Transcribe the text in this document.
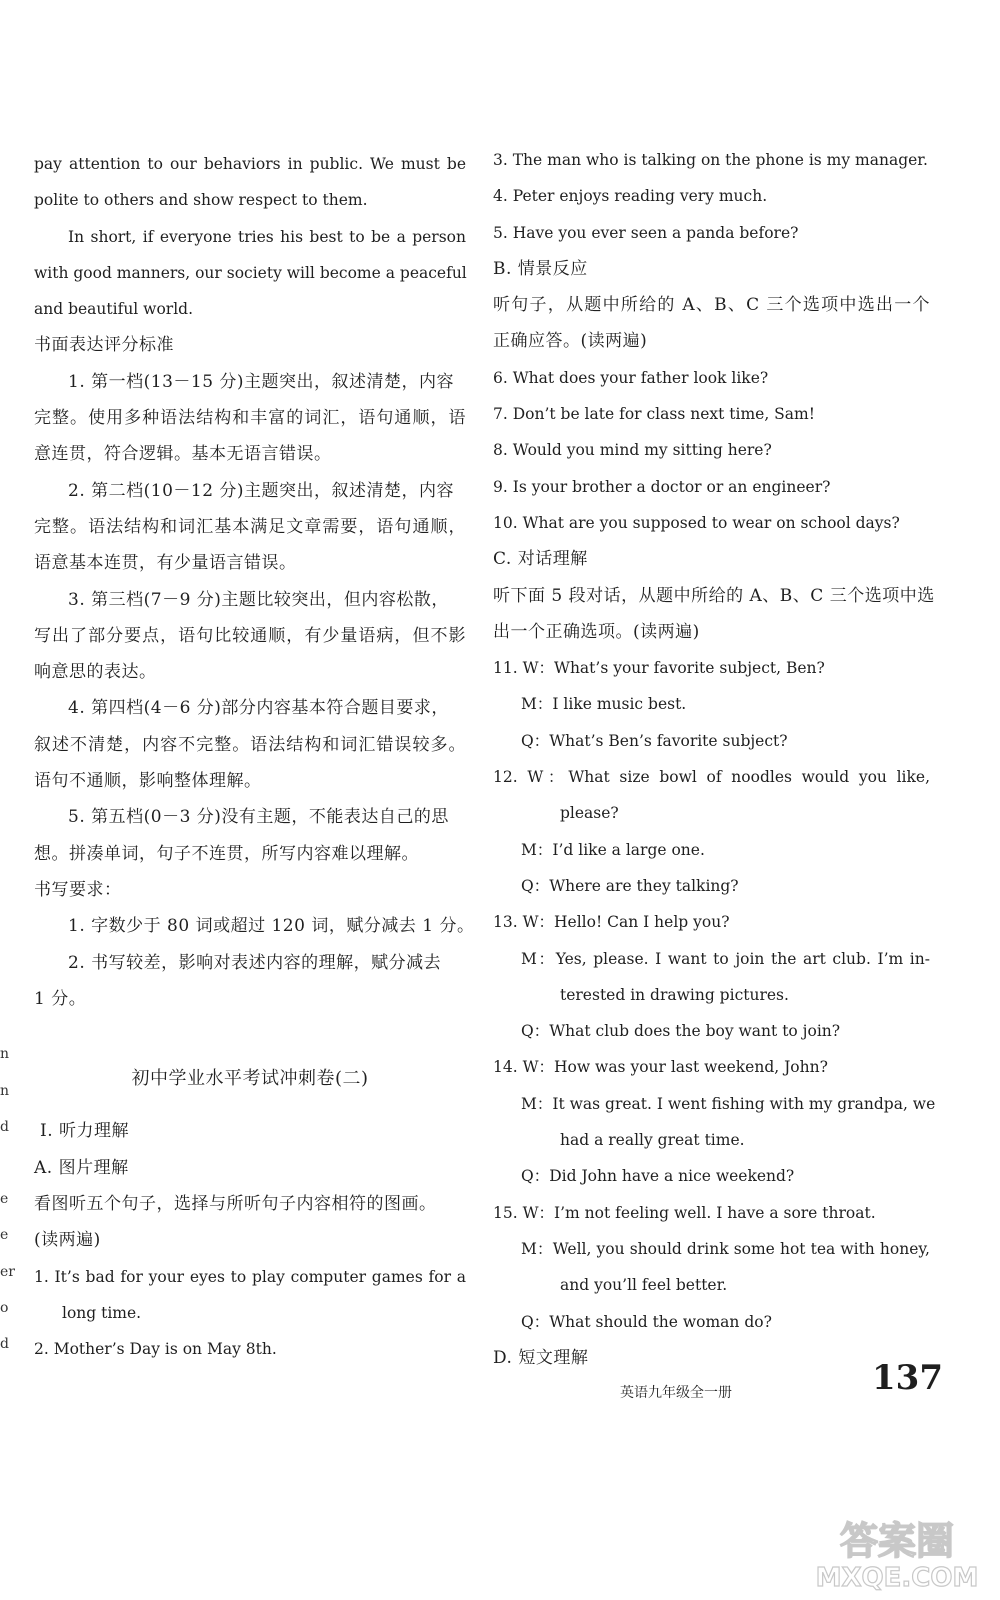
pay attention to our behaviors in public. We must be
polite to others and show respect to them.
In short, if everyone tries his best to be a person
with good manners, our society will become a peaceful
and beautiful world.
书面表达评分标准
1. 第一档(13－15 分)主题突出，叙述清楚，内容
完整。使用多种语法结构和丰富的词汇，语句通顺，语
意连贯，符合逻辑。基本无语言错误。
2. 第二档(10－12 分)主题突出，叙述清楚，内容
完整。语法结构和词汇基本满足文章需要，语句通顺，
语意基本连贯，有少量语言错误。
3. 第三档(7－9 分)主题比较突出，但内容松散，
写出了部分要点，语句比较通顺，有少量语病，但不影
响意思的表达。
4. 第四档(4－6 分)部分内容基本符合题目要求，
叙述不清楚，内容不完整。语法结构和词汇错误较多。
语句不通顺，影响整体理解。
5. 第五档(0－3 分)没有主题，不能表达自己的思
想。拼凑单词，句子不连贯，所写内容难以理解。
书写要求：
1. 字数少于 80 词或超过 120 词，赋分减去 1 分。
2. 书写较差，影响对表述内容的理解，赋分减去
1 分。
初中学业水平考试冲刺卷(二)
Ⅰ. 听力理解
A. 图片理解
看图听五个句子，选择与所听句子内容相符的图画。
(读两遍)
1. It’s bad for your eyes to play computer games for a
long time.
2. Mother’s Day is on May 8th.
3. The man who is talking on the phone is my manager.
4. Peter enjoys reading very much.
5. Have you ever seen a panda before?
B. 情景反应
听句子，从题中所给的 A、B、C 三个选项中选出一个
正确应答。(读两遍)
6. What does your father look like?
7. Don’t be late for class next time, Sam!
8. Would you mind my sitting here?
9. Is your brother a doctor or an engineer?
10. What are you supposed to wear on school days?
C. 对话理解
听下面 5 段对话，从题中所给的 A、B、C 三个选项中选
出一个正确选项。(读两遍)
11. W：What’s your favorite subject, Ben?
M：I like music best.
Q：What’s Ben’s favorite subject?
12. W：What size bowl of noodles would you like,
please?
M：I’d like a large one.
Q：Where are they talking?
13. W：Hello! Can I help you?
M：Yes, please. I want to join the art club. I’m in-
terested in drawing pictures.
Q：What club does the boy want to join?
14. W：How was your last weekend, John?
M：It was great. I went fishing with my grandpa, we
had a really great time.
Q：Did John have a nice weekend?
15. W：I’m not feeling well. I have a sore throat.
M：Well, you should drink some hot tea with honey,
and you’ll feel better.
Q：What should the woman do?
D. 短文理解
英语九年级全一册	137
n
n
d
e
e
er
o
d
答案圈
MXQE.COM
